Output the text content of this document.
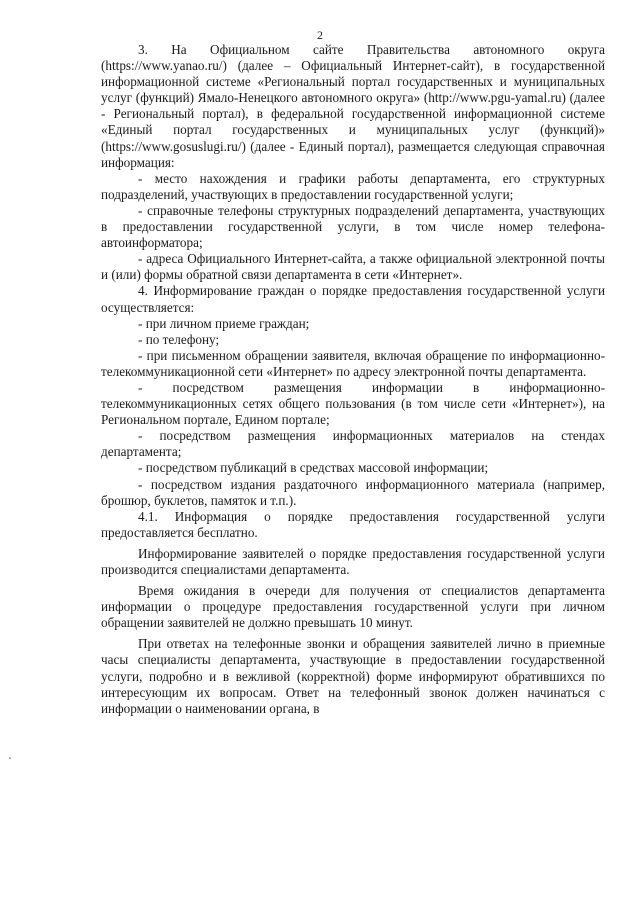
2

3. На Официальном сайте Правительства автономного округа (https://www.yanao.ru/) (далее – Официальный Интернет-сайт), в государственной информационной системе «Региональный портал государственных и муниципальных услуг (функций) Ямало-Ненецкого автономного округа» (http://www.pgu-yamal.ru) (далее - Региональный портал), в федеральной государственной информационной системе «Единый портал государственных и муниципальных услуг (функций)» (https://www.gosuslugi.ru/) (далее - Единый портал), размещается следующая справочная информация:

- место нахождения и графики работы департамента, его структурных подразделений, участвующих в предоставлении государственной услуги;

- справочные телефоны структурных подразделений департамента, участвующих в предоставлении государственной услуги, в том числе номер телефона-автоинформатора;

- адреса Официального Интернет-сайта, а также официальной электронной почты и (или) формы обратной связи департамента в сети «Интернет».

4. Информирование граждан о порядке предоставления государственной услуги осуществляется:

- при личном приеме граждан;

- по телефону;

- при письменном обращении заявителя, включая обращение по информационно-телекоммуникационной сети «Интернет» по адресу электронной почты департамента.

- посредством размещения информации в информационно-телекоммуникационных сетях общего пользования (в том числе сети «Интернет»), на Региональном портале, Едином портале;

- посредством размещения информационных материалов на стендах департамента;

- посредством публикаций в средствах массовой информации;

- посредством издания раздаточного информационного материала (например, брошюр, буклетов, памяток и т.п.).

4.1. Информация о порядке предоставления государственной услуги предоставляется бесплатно.

Информирование заявителей о порядке предоставления государственной услуги производится специалистами департамента.

Время ожидания в очереди для получения от специалистов департамента информации о процедуре предоставления государственной услуги при личном обращении заявителей не должно превышать 10 минут.

При ответах на телефонные звонки и обращения заявителей лично в приемные часы специалисты департамента, участвующие в предоставлении государственной услуги, подробно и в вежливой (корректной) форме информируют обратившихся по интересующим их вопросам. Ответ на телефонный звонок должен начинаться с информации о наименовании органа, в
